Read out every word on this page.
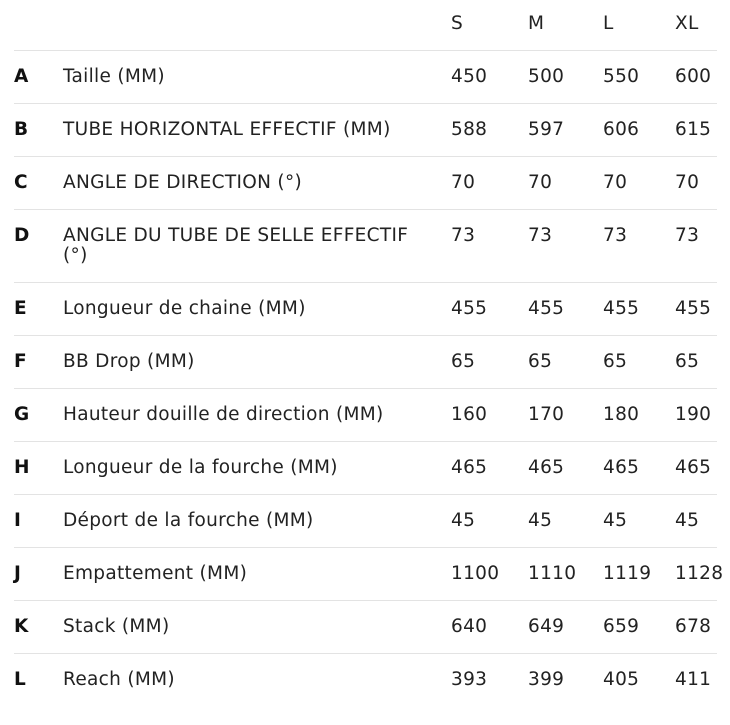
		S	M	L	XL
A	Taille (MM)	450	500	550	600
B	TUBE HORIZONTAL EFFECTIF (MM)	588	597	606	615
C	ANGLE DE DIRECTION (°)	70	70	70	70
D	ANGLE DU TUBE DE SELLE EFFECTIF (°)	73	73	73	73
E	Longueur de chaine (MM)	455	455	455	455
F	BB Drop (MM)	65	65	65	65
G	Hauteur douille de direction (MM)	160	170	180	190
H	Longueur de la fourche (MM)	465	465	465	465
I	Déport de la fourche (MM)	45	45	45	45
J	Empattement (MM)	1100	1110	1119	1128
K	Stack (MM)	640	649	659	678
L	Reach (MM)	393	399	405	411
